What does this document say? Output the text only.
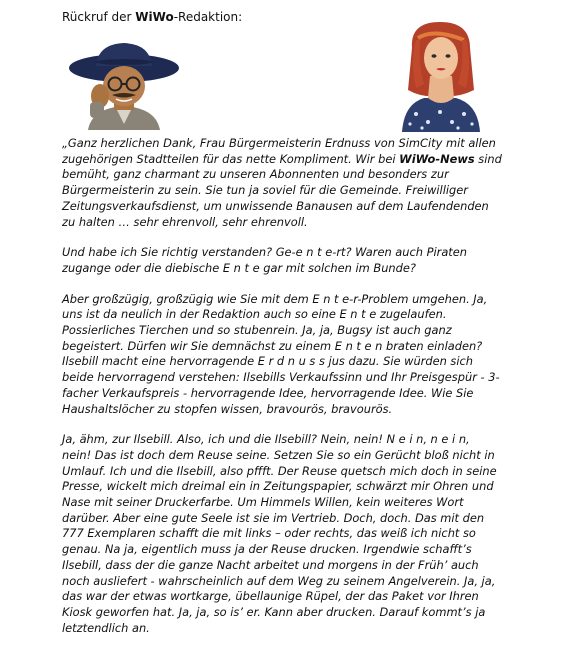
Rückruf der WiWo-Redaktion:

„Ganz herzlichen Dank, Frau Bürgermeisterin Erdnuss von SimCity mit allen zugehörigen Stadtteilen für das nette Kompliment. Wir bei WiWo-News sind bemüht, ganz charmant zu unseren Abonnenten und besonders zur Bürgermeisterin zu sein. Sie tun ja soviel für die Gemeinde. Freiwilliger Zeitungsverkaufsdienst, um unwissende Banausen auf dem Laufendenden zu halten … sehr ehrenvoll, sehr ehrenvoll.

Und habe ich Sie richtig verstanden? Ge-e n t e-rt? Waren auch Piraten zugange oder die diebische E n t e gar mit solchen im Bunde?

Aber großzügig, großzügig wie Sie mit dem E n t e-r-Problem umgehen. Ja, uns ist da neulich in der Redaktion auch so eine E n t e zugelaufen. Possierliches Tierchen und so stubenrein. Ja, ja, Bugsy ist auch ganz begeistert. Dürfen wir Sie demnächst zu einem E n t e n braten einladen? Ilsebill macht eine hervorragende E r d n u s s jus dazu. Sie würden sich beide hervorragend verstehen: Ilsebills Verkaufssinn und Ihr Preisgespür - 3-facher Verkaufspreis - hervorragende Idee, hervorragende Idee. Wie Sie Haushaltslöcher zu stopfen wissen, bravourös, bravourös.

Ja, ähm, zur Ilsebill. Also, ich und die Ilsebill? Nein, nein! N e i n, n e i n, nein! Das ist doch dem Reuse seine. Setzen Sie so ein Gerücht bloß nicht in Umlauf. Ich und die Ilsebill, also pffft. Der Reuse quetsch mich doch in seine Presse, wickelt mich dreimal ein in Zeitungspapier, schwärzt mir Ohren und Nase mit seiner Druckerfarbe. Um Himmels Willen, kein weiteres Wort darüber. Aber eine gute Seele ist sie im Vertrieb. Doch, doch. Das mit den 777 Exemplaren schafft die mit links – oder rechts, das weiß ich nicht so genau. Na ja, eigentlich muss ja der Reuse drucken. Irgendwie schafft’s Ilsebill, dass der die ganze Nacht arbeitet und morgens in der Früh’ auch noch ausliefert - wahrscheinlich auf dem Weg zu seinem Angelverein. Ja, ja, das war der etwas wortkarge, übellaunige Rüpel, der das Paket vor Ihren Kiosk geworfen hat. Ja, ja, so is’ er. Kann aber drucken. Darauf kommt’s ja letztendlich an.
